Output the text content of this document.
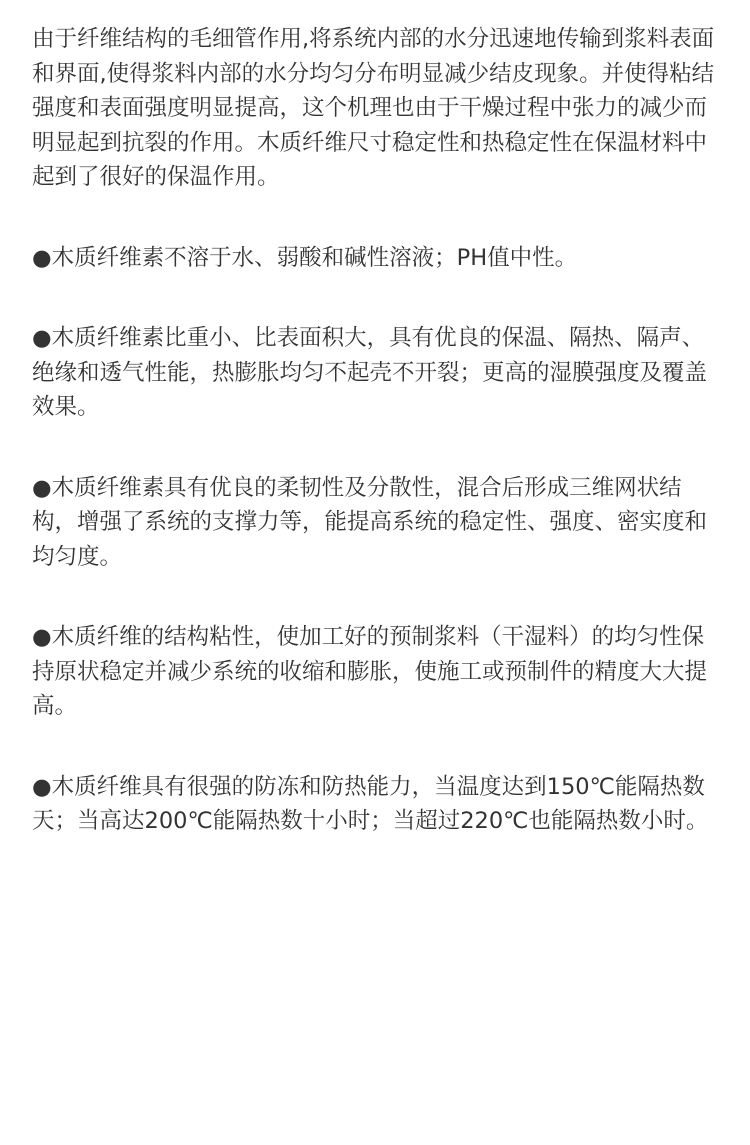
由于纤维结构的毛细管作用,将系统内部的水分迅速地传输到浆料表面和界面,使得浆料内部的水分均匀分布明显减少结皮现象。并使得粘结强度和表面强度明显提高，这个机理也由于干燥过程中张力的减少而明显起到抗裂的作用。木质纤维尺寸稳定性和热稳定性在保温材料中起到了很好的保温作用。

●木质纤维素不溶于水、弱酸和碱性溶液；PH值中性。

●木质纤维素比重小、比表面积大，具有优良的保温、隔热、隔声、绝缘和透气性能，热膨胀均匀不起壳不开裂；更高的湿膜强度及覆盖效果。

●木质纤维素具有优良的柔韧性及分散性，混合后形成三维网状结构，增强了系统的支撑力等，能提高系统的稳定性、强度、密实度和均匀度。

●木质纤维的结构粘性，使加工好的预制浆料（干湿料）的均匀性保持原状稳定并减少系统的收缩和膨胀，使施工或预制件的精度大大提高。

●木质纤维具有很强的防冻和防热能力，当温度达到150℃能隔热数天；当高达200℃能隔热数十小时；当超过220℃也能隔热数小时。
